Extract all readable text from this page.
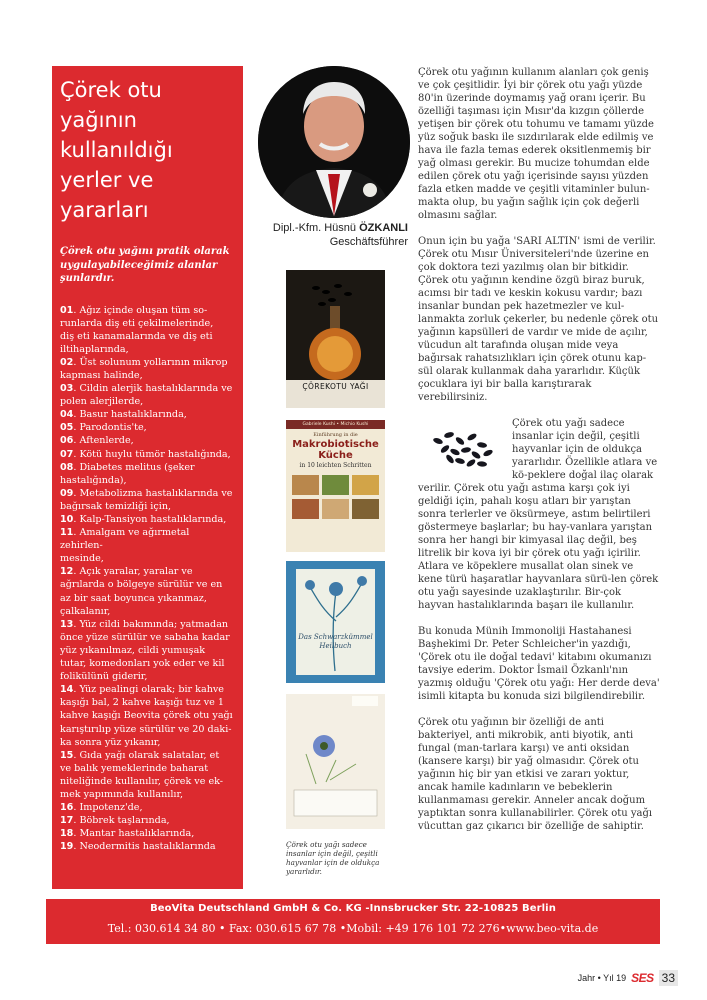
Çörek otu yağının
kullanıldığı
yerler ve
yararları

Çörek otu yağını pratik olarak
uygulayabileceğimiz alanlar
şunlardır.

01. Ağız içinde oluşan tüm so-
runlarda diş eti çekilmelerinde,
diş eti kanamalarında ve diş eti
iltihaplarında,
02. Üst solunum yollarının mikrop
kapması halinde,
03. Cildin alerjik hastalıklarında ve
polen alerjilerde,
04. Basur hastalıklarında,
05. Parodontis'te,
06. Aftenlerde,
07. Kötü huylu tümör hastalığında,
08. Diabetes melitus (şeker
hastalığında),
09. Metabolizma hastalıklarında ve
bağırsak temizliği için,
10. Kalp-Tansiyon hastalıklarında,
11. Amalgam ve ağırmetal zehirlen-
mesinde,
12. Açık yaralar, yaralar ve
ağrılarda o bölgeye sürülür ve en
az bir saat boyunca yıkanmaz,
çalkalanır,
13. Yüz cildi bakımında; yatmadan
önce yüze sürülür ve sabaha kadar
yüz yıkanılmaz, cildi yumuşak
tutar, komedonları yok eder ve kil
folikülünü giderir,
14. Yüz pealingi olarak; bir kahve
kaşığı bal, 2 kahve kaşığı tuz ve 1
kahve kaşığı Beovita çörek otu yağı
karıştırılıp yüze sürülür ve 20 daki-
ka sonra yüz yıkanır,
15. Gıda yağı olarak salatalar, et
ve balık yemeklerinde baharat
niteliğinde kullanılır, çörek ve ek-
mek yapımında kullanılır,
16. Impotenz'de,
17. Böbrek taşlarında,
18. Mantar hastalıklarında,
19. Neodermitis hastalıklarında
Dipl.-Kfm. Hüsnü ÖZKANLI
Geschäftsführer
ÇÖREKOTU YAĞI
Gabriele Kushi • Michio Kushi
Einführung in die
Makrobiotische Küche
in 10 leichten Schritten
Das Schwarzkümmel Heilbuch
Çörek otu yağı sadece
insanlar için değil, çeşitli
hayvanlar için de oldukça
yararlıdır.

Çörek otu yağının kullanım alanları çok geniş ve çok çeşitlidir. İyi bir çörek otu yağı yüzde 80'in üzerinde doymamış yağ oranı içerir. Bu özelliği taşıması için Mısır'da kızgın çöllerde yetişen bir çörek otu tohumu ve tamamı yüzde yüz soğuk baskı ile sızdırılarak elde edilmiş ve hava ile fazla temas ederek oksitlenmemiş bir yağ olması gerekir. Bu mucize tohumdan elde edilen çörek otu yağı içerisinde sayısı yüzden fazla etken madde ve çeşitli vitaminler bulun-makta olup, bu yağın sağlık için çok değerli olmasını sağlar.

Onun için bu yağa 'SARI ALTIN' ismi de verilir. Çörek otu Mısır Üniversiteleri'nde üzerine en çok doktora tezi yazılmış olan bir bitkidir. Çörek otu yağının kendine özgü biraz buruk, acımsı bir tadı ve keskin kokusu vardır; bazı insanlar bundan pek hazetmezler ve kul-lanmakta zorluk çekerler, bu nedenle çörek otu yağının kapsülleri de vardır ve mide de açılır, vücudun alt tarafında oluşan mide veya bağırsak rahatsızlıkları için çörek otunu kap-sül olarak kullanmak daha yararlıdır. Küçük çocuklara iyi bir balla karıştırarak verebilirsiniz.

Çörek otu yağı sadece insanlar için değil, çeşitli hayvanlar için de oldukça yararlıdır. Özellikle atlara ve kö-peklere doğal ilaç olarak verilir. Çörek otu yağı astıma karşı çok iyi geldiği için, pahalı koşu atları bir yarıştan sonra terlerler ve öksürmeye, astım belirtileri göstermeye başlarlar; bu hay-vanlara yarıştan sonra her hangi bir kimyasal ilaç değil, beş litrelik bir kova iyi bir çörek otu yağı içirilir. Atlara ve köpeklere musallat olan sinek ve kene türü haşaratlar hayvanlara sürü-len çörek otu yağı sayesinde uzaklaştırılır. Bir-çok hayvan hastalıklarında başarı ile kullanılır.

Bu konuda Münih Immonoliji Hastahanesi Başhekimi Dr. Peter Schleicher'in yazdığı, 'Çörek otu ile doğal tedavi' kitabını okumanızı tavsiye ederim. Doktor İsmail Özkanlı'nın yazmış olduğu 'Çörek otu yağı: Her derde deva' isimli kitapta bu konuda sizi bilgilendirebilir.

Çörek otu yağının bir özelliği de anti bakteriyel, anti mikrobik, anti biyotik, anti fungal (man-tarlara karşı) ve anti oksidan (kansere karşı) bir yağ olmasıdır. Çörek otu yağının hiç bir yan etkisi ve zararı yoktur, ancak hamile kadınların ve bebeklerin kullanmaması gerekir. Anneler ancak doğum yaptıktan sonra kullanabilirler. Çörek otu yağı vücuttan gaz çıkarıcı bir özelliğe de sahiptir.

BeoVita Deutschland GmbH & Co. KG -Innsbrucker Str. 22-10825 Berlin
Tel.: 030.614 34 80 • Fax: 030.615 67 78 •Mobil: +49 176 101 72 276•www.beo-vita.de
Jahr • Yıl 19 SES 33
